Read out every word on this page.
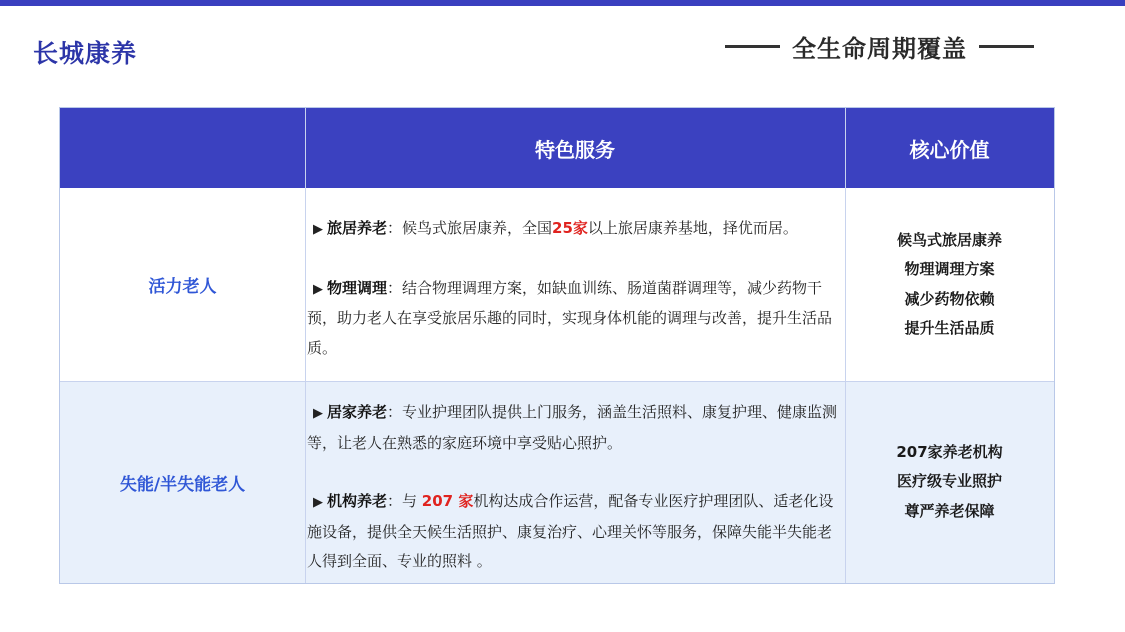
长城康养	全生命周期覆盖
特色服务	核心价值
活力老人

▶ 旅居养老：候鸟式旅居康养，全国25家以上旅居康养基地，择优而居。

▶ 物理调理：结合物理调理方案，如缺血训练、肠道菌群调理等，减少药物干预，助力老人在享受旅居乐趣的同时，实现身体机能的调理与改善，提升生活品质。

候鸟式旅居康养
物理调理方案
减少药物依赖
提升生活品质
失能/半失能老人

▶ 居家养老：专业护理团队提供上门服务，涵盖生活照料、康复护理、健康监测等，让老人在熟悉的家庭环境中享受贴心照护。

▶ 机构养老：与 207 家机构达成合作运营，配备专业医疗护理团队、适老化设施设备，提供全天候生活照护、康复治疗、心理关怀等服务，保障失能半失能老人得到全面、专业的照料 。

207家养老机构
医疗级专业照护
尊严养老保障
